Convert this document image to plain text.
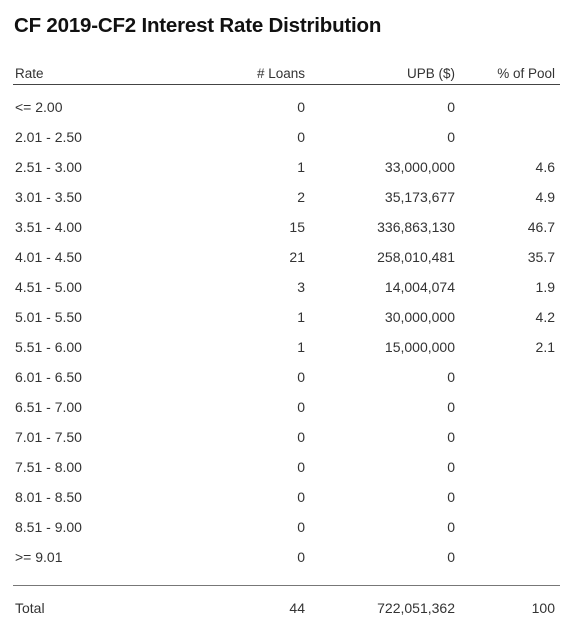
CF 2019-CF2 Interest Rate Distribution
Rate	# Loans	UPB ($)	% of Pool
<= 2.00	0	0
2.01 - 2.50	0	0
2.51 - 3.00	1	33,000,000	4.6
3.01 - 3.50	2	35,173,677	4.9
3.51 - 4.00	15	336,863,130	46.7
4.01 - 4.50	21	258,010,481	35.7
4.51 - 5.00	3	14,004,074	1.9
5.01 - 5.50	1	30,000,000	4.2
5.51 - 6.00	1	15,000,000	2.1
6.01 - 6.50	0	0
6.51 - 7.00	0	0
7.01 - 7.50	0	0
7.51 - 8.00	0	0
8.01 - 8.50	0	0
8.51 - 9.00	0	0
>= 9.01	0	0
Total	44	722,051,362	100
